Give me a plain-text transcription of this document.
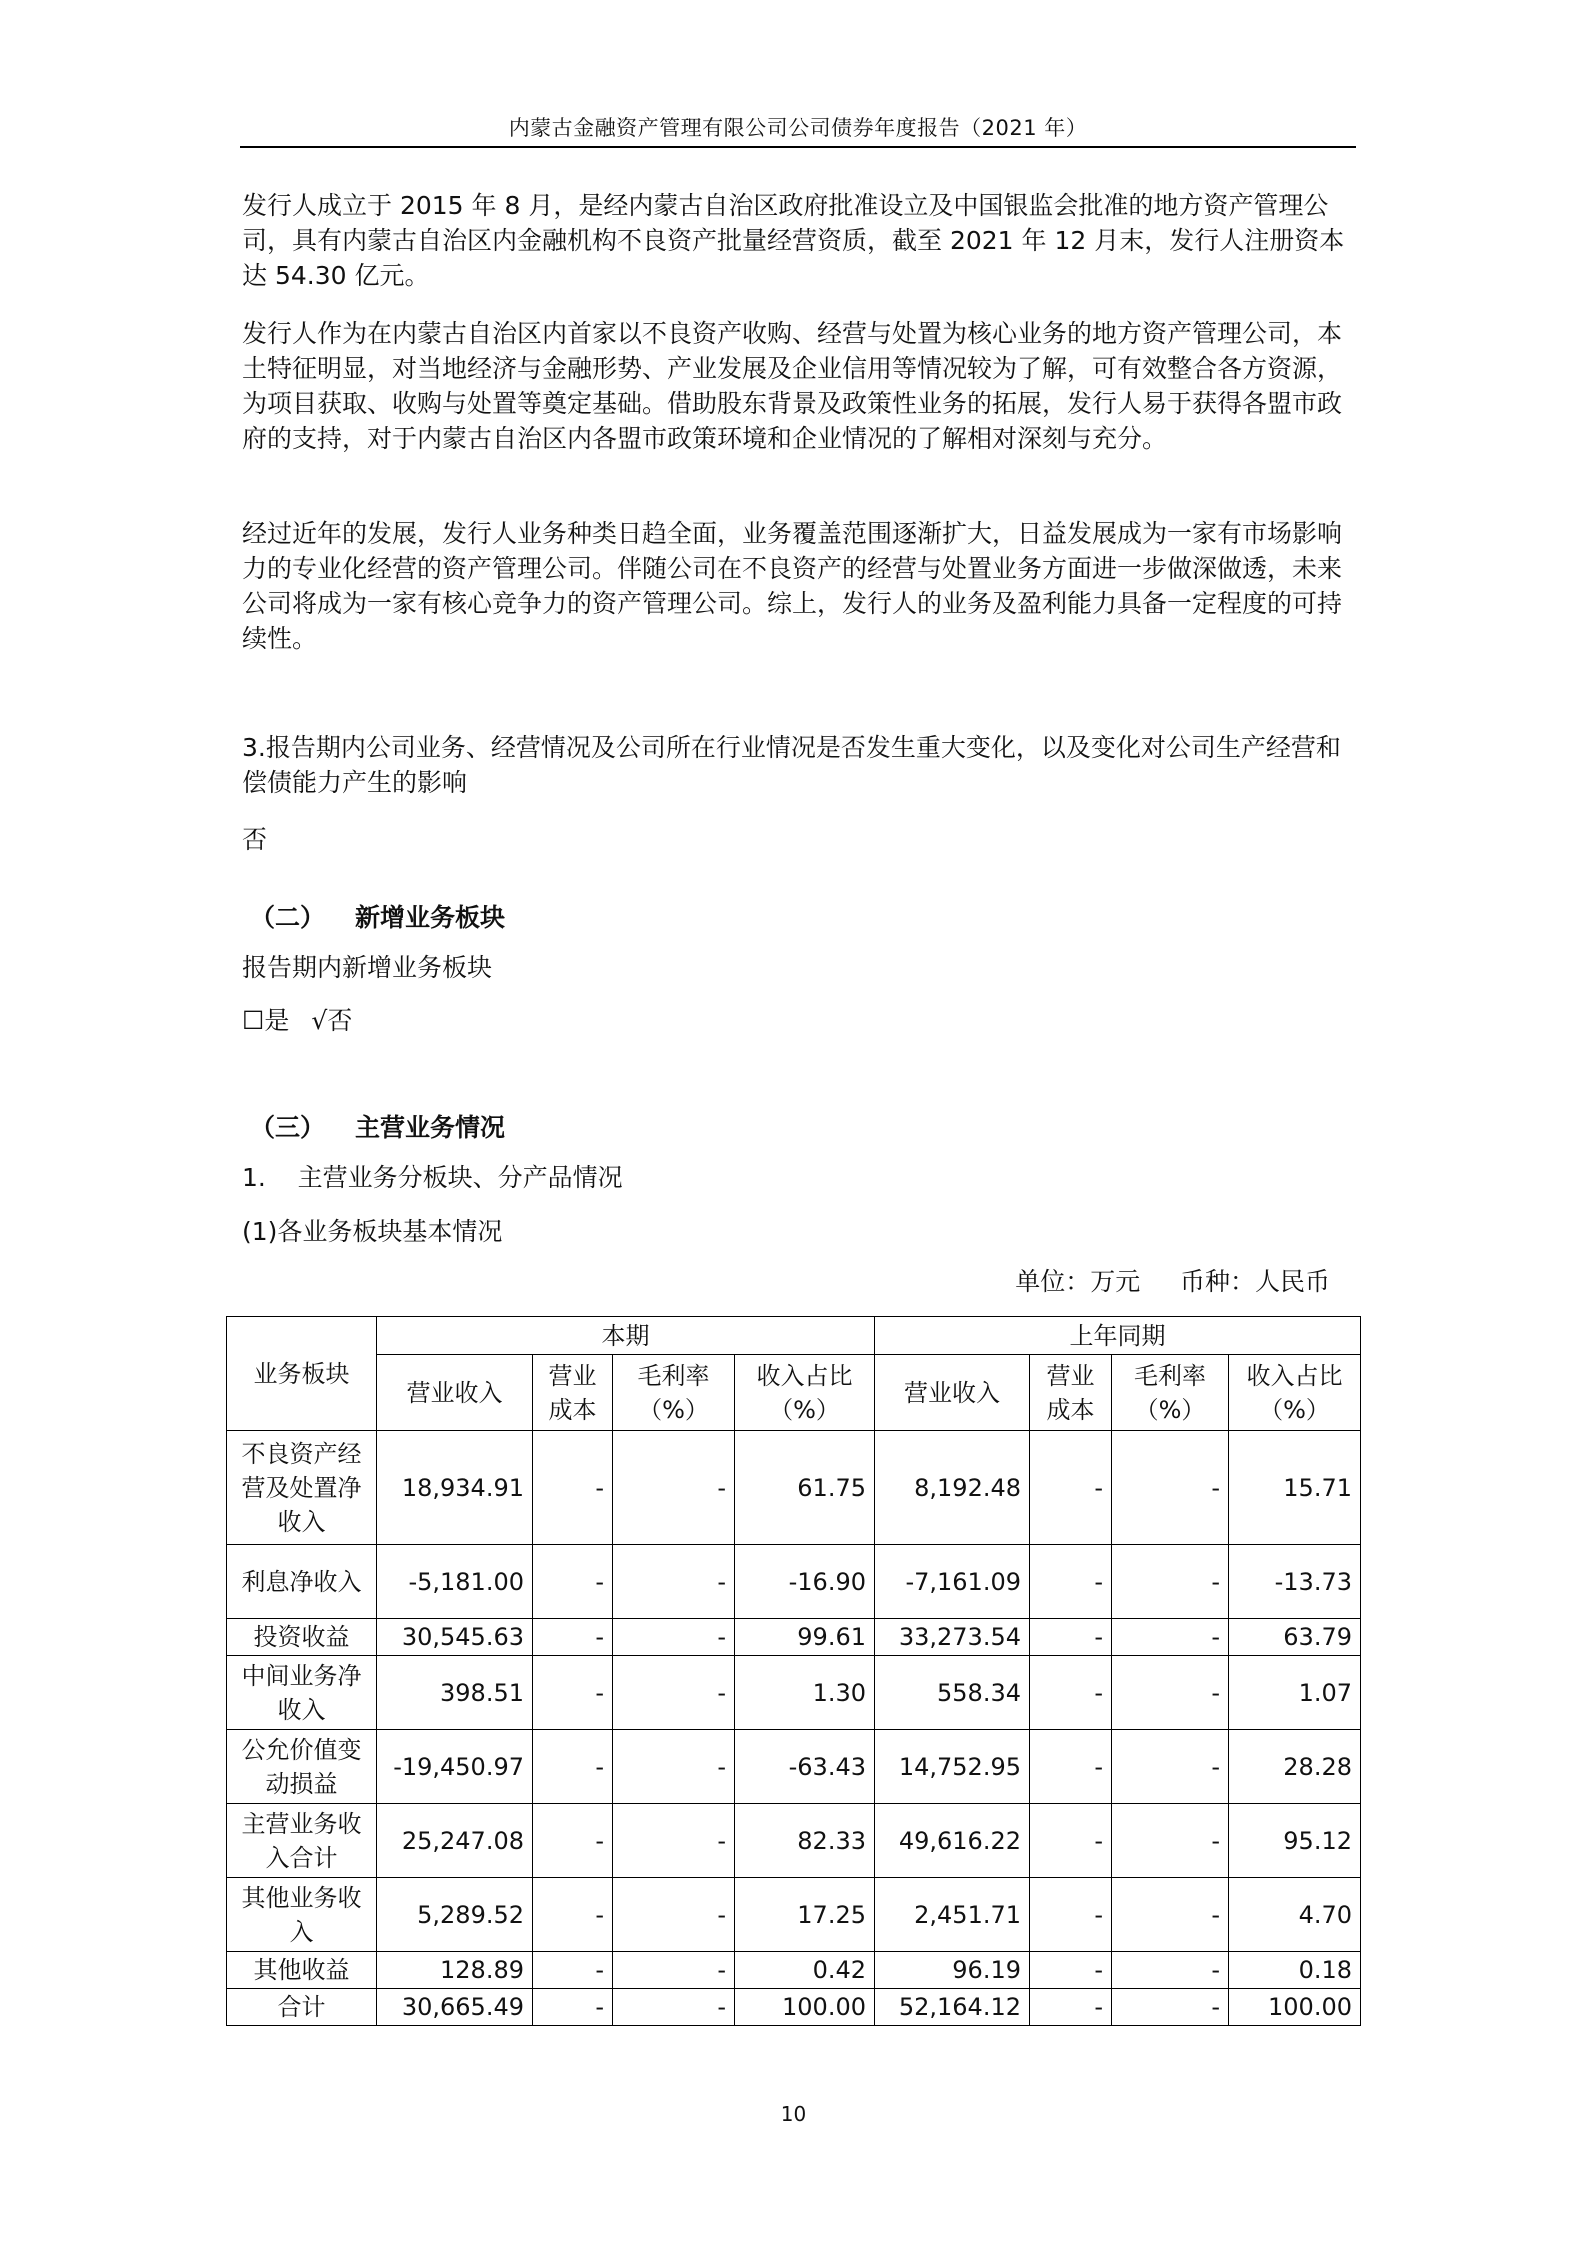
内蒙古金融资产管理有限公司公司债券年度报告（2021 年）

发行人成立于 2015 年 8 月，是经内蒙古自治区政府批准设立及中国银监会批准的地方资产管理公司，具有内蒙古自治区内金融机构不良资产批量经营资质，截至 2021 年 12 月末，发行人注册资本达 54.30 亿元。

发行人作为在内蒙古自治区内首家以不良资产收购、经营与处置为核心业务的地方资产管理公司，本土特征明显，对当地经济与金融形势、产业发展及企业信用等情况较为了解，可有效整合各方资源，为项目获取、收购与处置等奠定基础。借助股东背景及政策性业务的拓展，发行人易于获得各盟市政府的支持，对于内蒙古自治区内各盟市政策环境和企业情况的了解相对深刻与充分。

经过近年的发展，发行人业务种类日趋全面，业务覆盖范围逐渐扩大，日益发展成为一家有市场影响力的专业化经营的资产管理公司。伴随公司在不良资产的经营与处置业务方面进一步做深做透，未来公司将成为一家有核心竞争力的资产管理公司。综上，发行人的业务及盈利能力具备一定程度的可持续性。

3.报告期内公司业务、经营情况及公司所在行业情况是否发生重大变化，以及变化对公司生产经营和偿债能力产生的影响

否
（二） 新增业务板块
报告期内新增业务板块
☐是 √否
（三） 主营业务情况
1.    主营业务分板块、分产品情况
(1)各业务板块基本情况
单位：万元     币种：人民币
业务板块	本期				上年同期			
	营业收入	营业成本	毛利率（%）	收入占比（%）	营业收入	营业成本	毛利率（%）	收入占比（%）
不良资产经营及处置净收入	18,934.91	-	-	61.75	8,192.48	-	-	15.71
利息净收入	-5,181.00	-	-	-16.90	-7,161.09	-	-	-13.73
投资收益	30,545.63	-	-	99.61	33,273.54	-	-	63.79
中间业务净收入	398.51	-	-	1.30	558.34	-	-	1.07
公允价值变动损益	-19,450.97	-	-	-63.43	14,752.95	-	-	28.28
主营业务收入合计	25,247.08	-	-	82.33	49,616.22	-	-	95.12
其他业务收入	5,289.52	-	-	17.25	2,451.71	-	-	4.70
其他收益	128.89	-	-	0.42	96.19	-	-	0.18
合计	30,665.49	-	-	100.00	52,164.12	-	-	100.00
10
